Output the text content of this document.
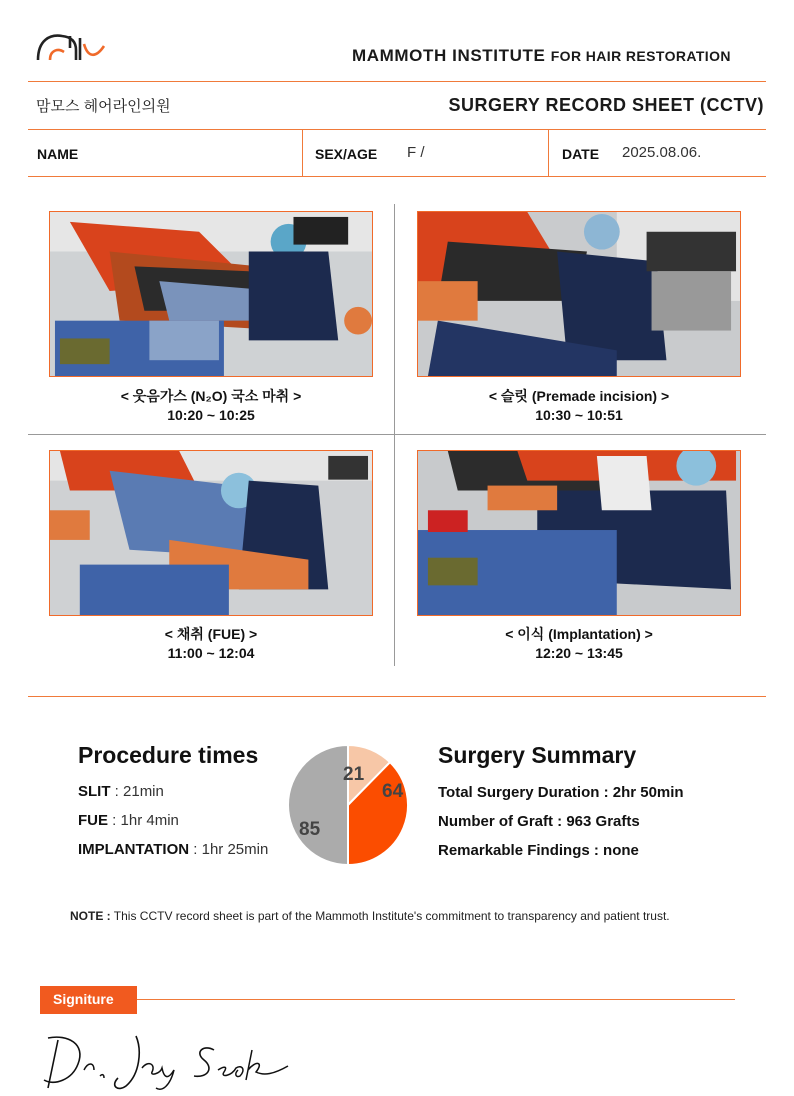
MAMMOTH INSTITUTE FOR HAIR RESTORATION
맘모스 헤어라인의원	SURGERY RECORD SHEET (CCTV)
NAME	SEX/AGE F /	DATE 2025.08.06.
< 웃음가스 (N₂O) 국소 마취 >
10:20 ~ 10:25
< 슬릿 (Premade incision) >
10:30 ~ 10:51
< 채취 (FUE) >
11:00 ~ 12:04
< 이식 (Implantation) >
12:20 ~ 13:45
Procedure times
SLIT : 21min
FUE : 1hr 4min
IMPLANTATION : 1hr 25min
21
64
85
Surgery Summary
Total Surgery Duration : 2hr 50min
Number of Graft : 963 Grafts
Remarkable Findings : none
NOTE : This CCTV record sheet is part of the Mammoth Institute's commitment to transparency and patient trust.
Signiture
